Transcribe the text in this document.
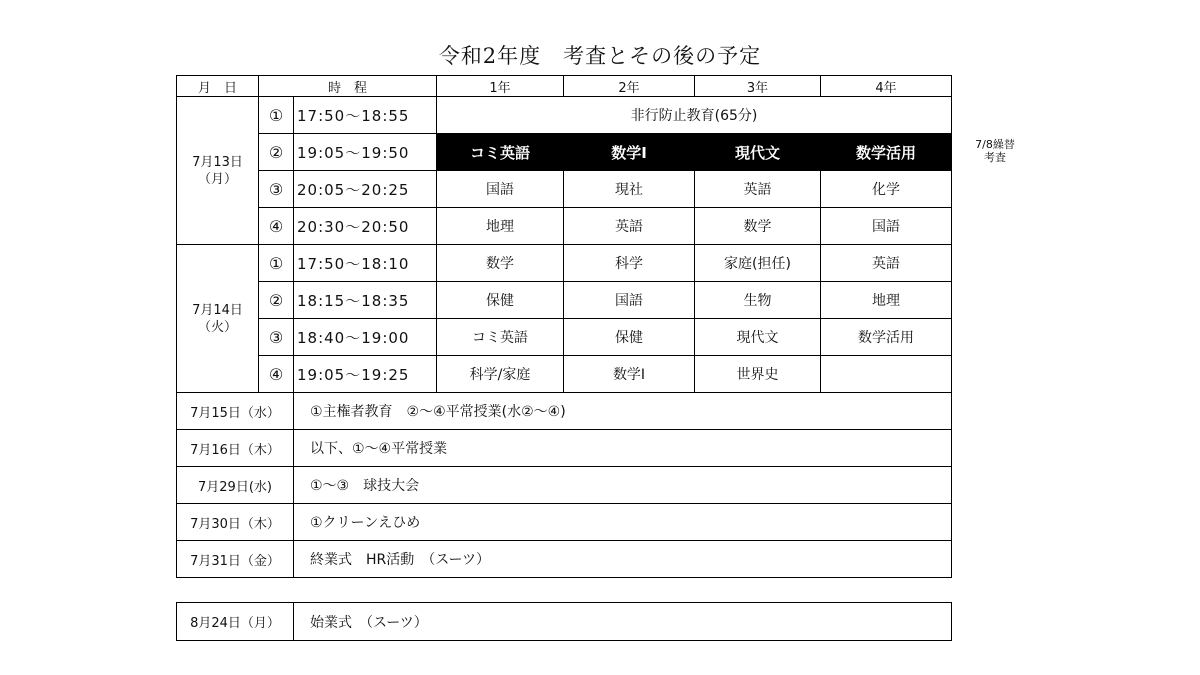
令和2年度　考査とその後の予定
7/8繰替
考査
月　日	時　程		1年	2年	3年	4年

7月13日
（月）	①	17:50〜18:55	非行防止教育(65分)			
	②	19:05〜19:50	コミ英語	数学Ⅰ	現代文	数学活用
	③	20:05〜20:25	国語	現社	英語	化学
	④	20:30〜20:50	地理	英語	数学	国語

7月14日
（火）	①	17:50〜18:10	数学	科学	家庭(担任)	英語
	②	18:15〜18:35	保健	国語	生物	地理
	③	18:40〜19:00	コミ英語	保健	現代文	数学活用
	④	19:05〜19:25	科学/家庭	数学Ⅰ	世界史	
7月15日（水）		①主権者教育　②〜④平常授業(水②〜④)				
7月16日（木）		以下、①〜④平常授業				
7月29日(水)		①〜③　球技大会				
7月30日（木）		①クリーンえひめ				
7月31日（金）		終業式　HR活動　（スーツ）				
8月24日（月）	始業式　（スーツ）
